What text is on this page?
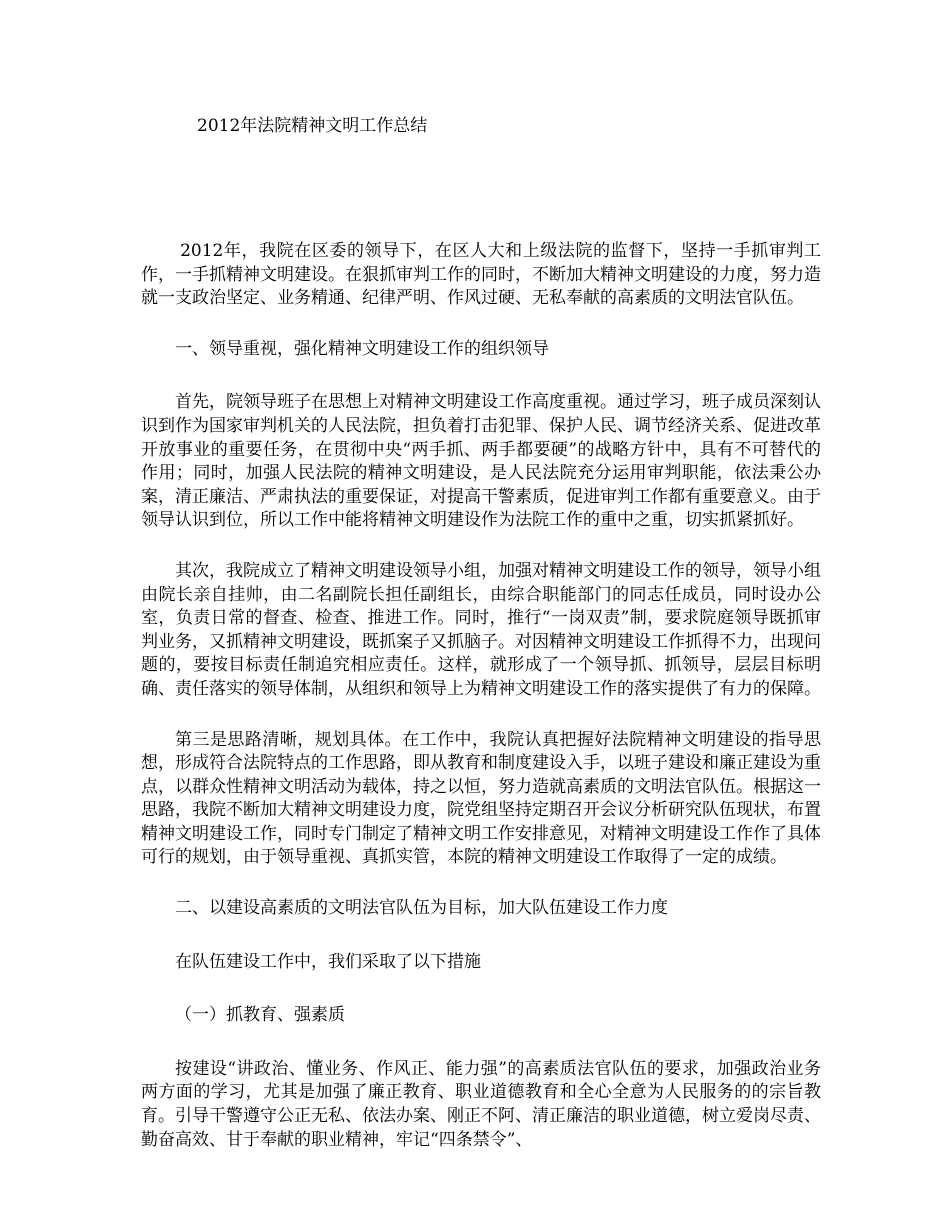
2012年法院精神文明工作总结

2012年，我院在区委的领导下，在区人大和上级法院的监督下，坚持一手抓审判工作，一手抓精神文明建设。在狠抓审判工作的同时，不断加大精神文明建设的力度，努力造就一支政治坚定、业务精通、纪律严明、作风过硬、无私奉献的高素质的文明法官队伍。

一、领导重视，强化精神文明建设工作的组织领导

首先，院领导班子在思想上对精神文明建设工作高度重视。通过学习，班子成员深刻认识到作为国家审判机关的人民法院，担负着打击犯罪、保护人民、调节经济关系、促进改革开放事业的重要任务，在贯彻中央“两手抓、两手都要硬”的战略方针中，具有不可替代的作用；同时，加强人民法院的精神文明建设，是人民法院充分运用审判职能，依法秉公办案，清正廉洁、严肃执法的重要保证，对提高干警素质，促进审判工作都有重要意义。由于领导认识到位，所以工作中能将精神文明建设作为法院工作的重中之重，切实抓紧抓好。

其次，我院成立了精神文明建设领导小组，加强对精神文明建设工作的领导，领导小组由院长亲自挂帅，由二名副院长担任副组长，由综合职能部门的同志任成员，同时设办公室，负责日常的督查、检查、推进工作。同时，推行“一岗双责”制，要求院庭领导既抓审判业务，又抓精神文明建设，既抓案子又抓脑子。对因精神文明建设工作抓得不力，出现问题的，要按目标责任制追究相应责任。这样，就形成了一个领导抓、抓领导，层层目标明确、责任落实的领导体制，从组织和领导上为精神文明建设工作的落实提供了有力的保障。

第三是思路清晰，规划具体。在工作中，我院认真把握好法院精神文明建设的指导思想，形成符合法院特点的工作思路，即从教育和制度建设入手，以班子建设和廉正建设为重点，以群众性精神文明活动为载体，持之以恒，努力造就高素质的文明法官队伍。根据这一思路，我院不断加大精神文明建设力度，院党组坚持定期召开会议分析研究队伍现状，布置精神文明建设工作，同时专门制定了精神文明工作安排意见，对精神文明建设工作作了具体可行的规划，由于领导重视、真抓实管，本院的精神文明建设工作取得了一定的成绩。

二、以建设高素质的文明法官队伍为目标，加大队伍建设工作力度

在队伍建设工作中，我们采取了以下措施

（一）抓教育、强素质

按建设“讲政治、懂业务、作风正、能力强”的高素质法官队伍的要求，加强政治业务两方面的学习，尤其是加强了廉正教育、职业道德教育和全心全意为人民服务的的宗旨教育。引导干警遵守公正无私、依法办案、刚正不阿、清正廉洁的职业道德，树立爱岗尽责、勤奋高效、甘于奉献的职业精神，牢记“四条禁令”、
